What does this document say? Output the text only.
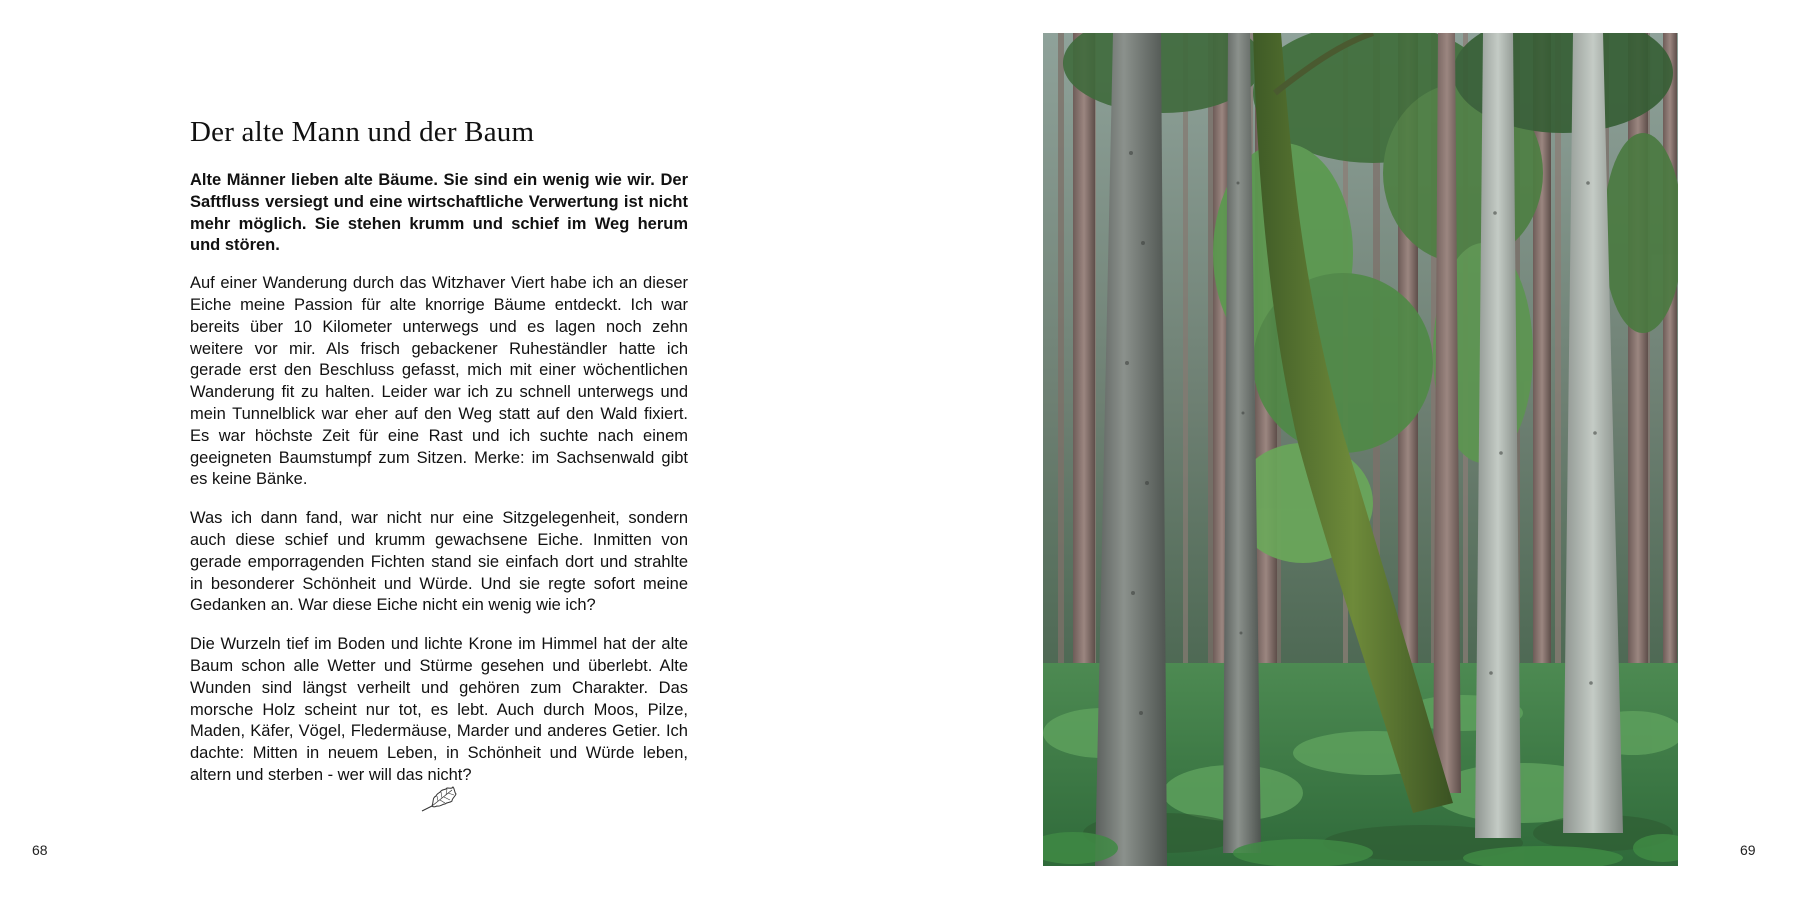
Der alte Mann und der Baum

Alte Männer lieben alte Bäume. Sie sind ein wenig wie wir. Der Saftfluss versiegt und eine wirtschaftliche Verwertung ist nicht mehr möglich. Sie stehen krumm und schief im Weg herum und stören.

Auf einer Wanderung durch das Witzhaver Viert habe ich an dieser Eiche meine Passion für alte knorrige Bäume entdeckt. Ich war bereits über 10 Kilometer unterwegs und es lagen noch zehn weitere vor mir. Als frisch gebackener Ruheständler hatte ich gerade erst den Beschluss gefasst, mich mit einer wöchentlichen Wanderung fit zu halten. Leider war ich zu schnell unterwegs und mein Tunnelblick war eher auf den Weg statt auf den Wald fixiert. Es war höchste Zeit für eine Rast und ich suchte nach einem geeigneten Baumstumpf zum Sitzen. Merke: im Sachsenwald gibt es keine Bänke.

Was ich dann fand, war nicht nur eine Sitzgelegenheit, sondern auch diese schief und krumm gewachsene Eiche. Inmitten von gerade emporragenden Fichten stand sie einfach dort und strahlte in besonderer Schönheit und Würde. Und sie regte sofort meine Gedanken an. War diese Eiche nicht ein wenig wie ich?

Die Wurzeln tief im Boden und lichte Krone im Himmel hat der alte Baum schon alle Wetter und Stürme gesehen und überlebt. Alte Wunden sind längst verheilt und gehören zum Charakter. Das morsche Holz scheint nur tot, es lebt. Auch durch Moos, Pilze, Maden, Käfer, Vögel, Fledermäuse, Marder und anderes Getier. Ich dachte: Mitten in neuem Leben, in Schönheit und Würde leben, altern und sterben - wer will das nicht?

68	69
